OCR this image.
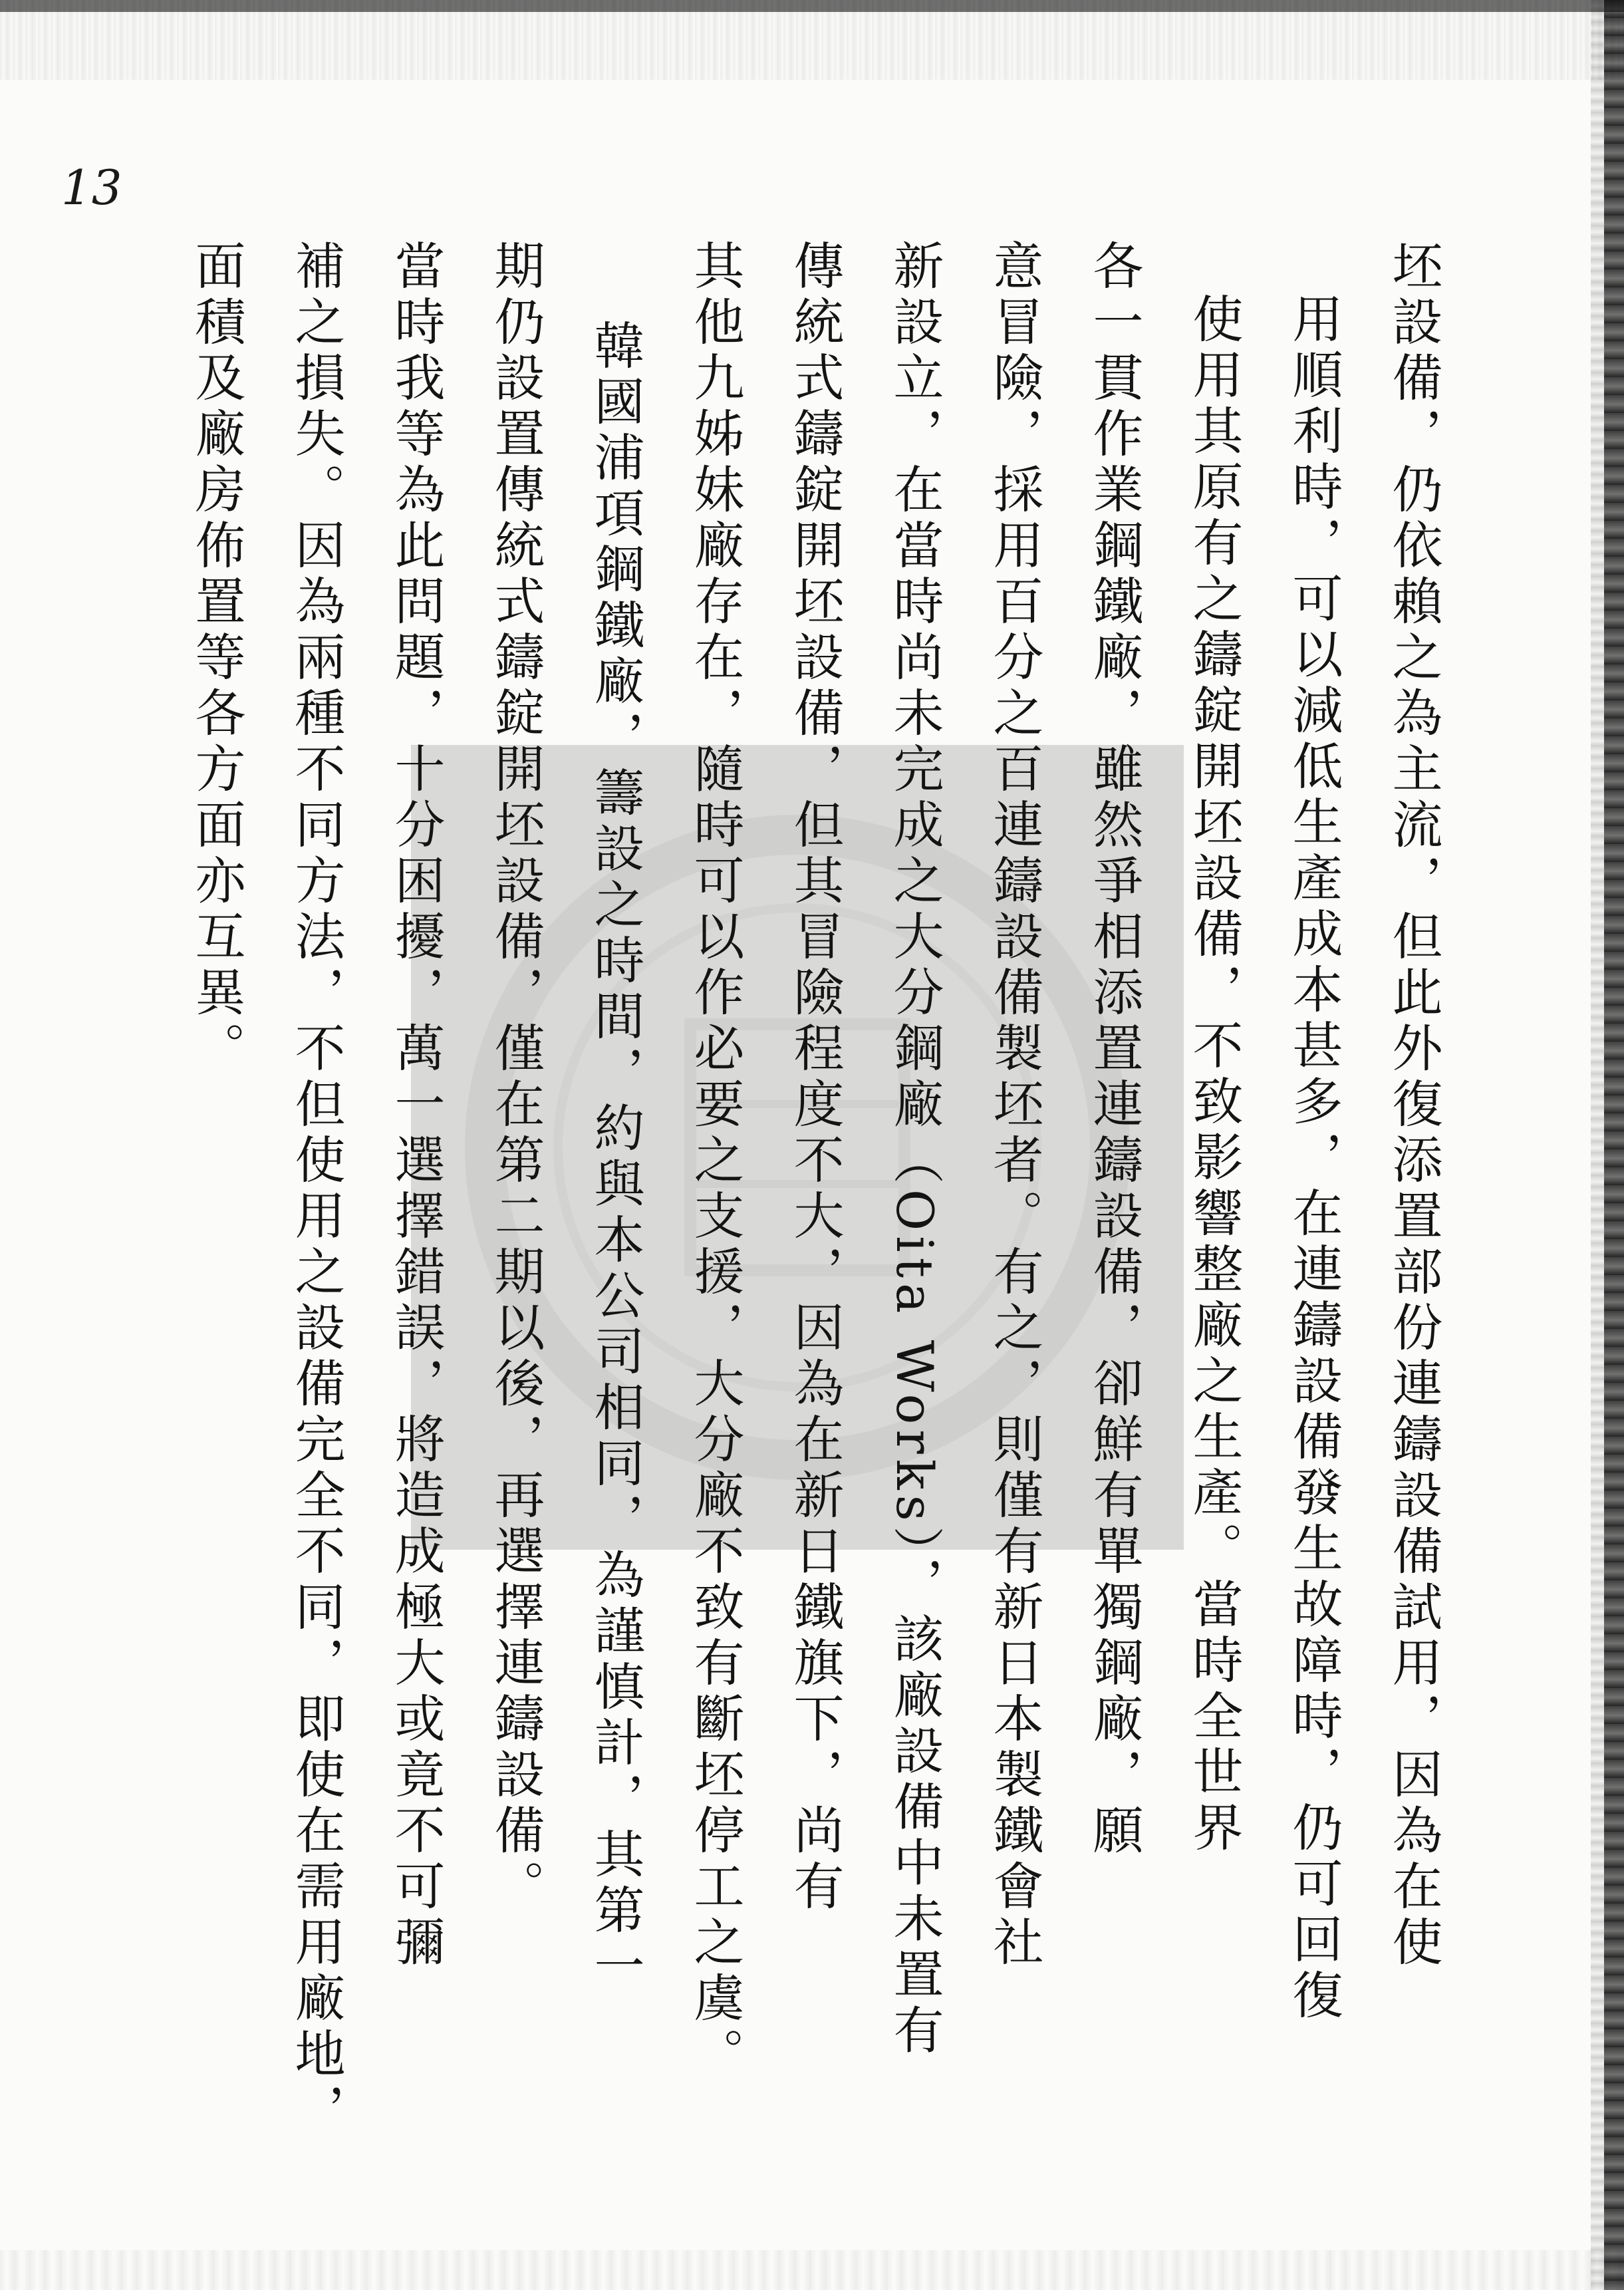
13
坯設備，仍依賴之為主流，但此外復添置部份連鑄設備試用，因為在使
用順利時，可以減低生產成本甚多，在連鑄設備發生故障時，仍可回復
使用其原有之鑄錠開坯設備，不致影響整廠之生產。當時全世界
各一貫作業鋼鐵廠，雖然爭相添置連鑄設備，卻鮮有單獨鋼廠，願
意冒險，採用百分之百連鑄設備製坯者。有之，則僅有新日本製鐵會社
新設立，在當時尚未完成之大分鋼廠（Oita Works），該廠設備中未置有
傳統式鑄錠開坯設備，但其冒險程度不大，因為在新日鐵旗下，尚有
其他九姊妹廠存在，隨時可以作必要之支援，大分廠不致有斷坯停工之虞。
韓國浦項鋼鐵廠，籌設之時間，約與本公司相同，為謹慎計，其第一
期仍設置傳統式鑄錠開坯設備，僅在第二期以後，再選擇連鑄設備。
當時我等為此問題，十分困擾，萬一選擇錯誤，將造成極大或竟不可彌
補之損失。因為兩種不同方法，不但使用之設備完全不同，即使在需用廠地，
面積及廠房佈置等各方面亦互異。
